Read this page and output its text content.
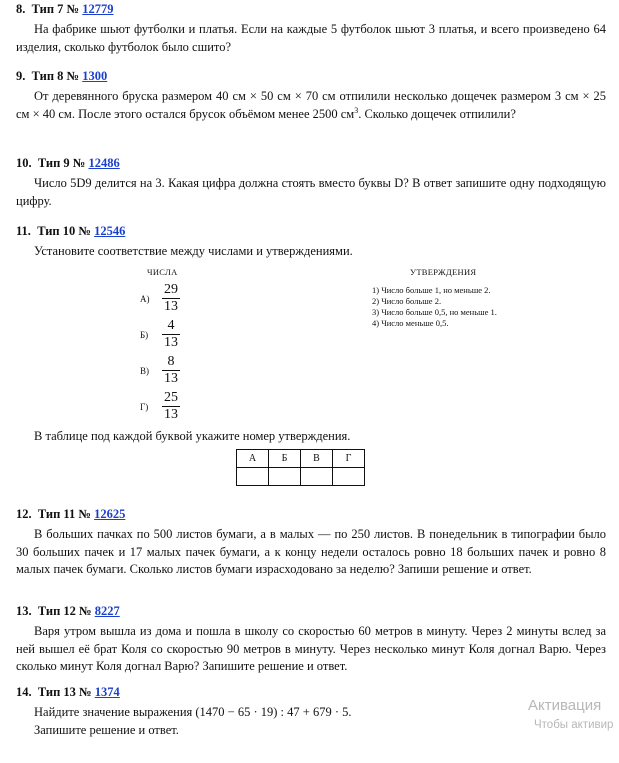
8. Тип 7 № 12779
На фабрике шьют футболки и платья. Если на каждые 5 футболок шьют 3 платья, и всего произведено 64 изделия, сколько футболок было сшито?
9. Тип 8 № 1300
От деревянного бруска размером 40 см × 50 см × 70 см отпилили несколько дощечек размером 3 см × 25 см × 40 см. После этого остался брусок объёмом менее 2500 $см^3$. Сколько дощечек отпилили?
10. Тип 9 № 12486
Число 5D9 делится на 3. Какая цифра должна стоять вместо буквы D? В ответ запишите одну подходящую цифру.
11. Тип 10 № 12546
Установите соответствие между числами и утверждениями.
ЧИСЛА	УТВЕРЖДЕНИЯ
$А) \frac{29}{13}$
$Б) \frac{4}{13}$
$В) \frac{8}{13}$
$Г) \frac{25}{13}$
1) Число больше 1, но меньше 2.
2) Число больше 2.
3) Число больше 0,5, но меньше 1.
4) Число меньше 0,5.
В таблице под каждой буквой укажите номер утверждения.
А	Б	В	Г

12. Тип 11 № 12625
В больших пачках по 500 листов бумаги, а в малых — по 250 листов. В понедельник в типографии было 30 больших пачек и 17 малых пачек бумаги, а к концу недели осталось ровно 18 больших пачек и ровно 8 малых пачек бумаги. Сколько листов бумаги израсходовано за неделю? Запиши решение и ответ.
13. Тип 12 № 8227
Варя утром вышла из дома и пошла в школу со скоростью 60 метров в минуту. Через 2 минуты вслед за ней вышел её брат Коля со скоростью 90 метров в минуту. Через несколько минут Коля догнал Варю. Через сколько минут Коля догнал Варю? Запишите решение и ответ.
14. Тип 13 № 1374
Найдите значение выражения (1470 − 65 · 19) : 47 + 679 · 5.
Запишите решение и ответ.
Активация
Чтобы активир
